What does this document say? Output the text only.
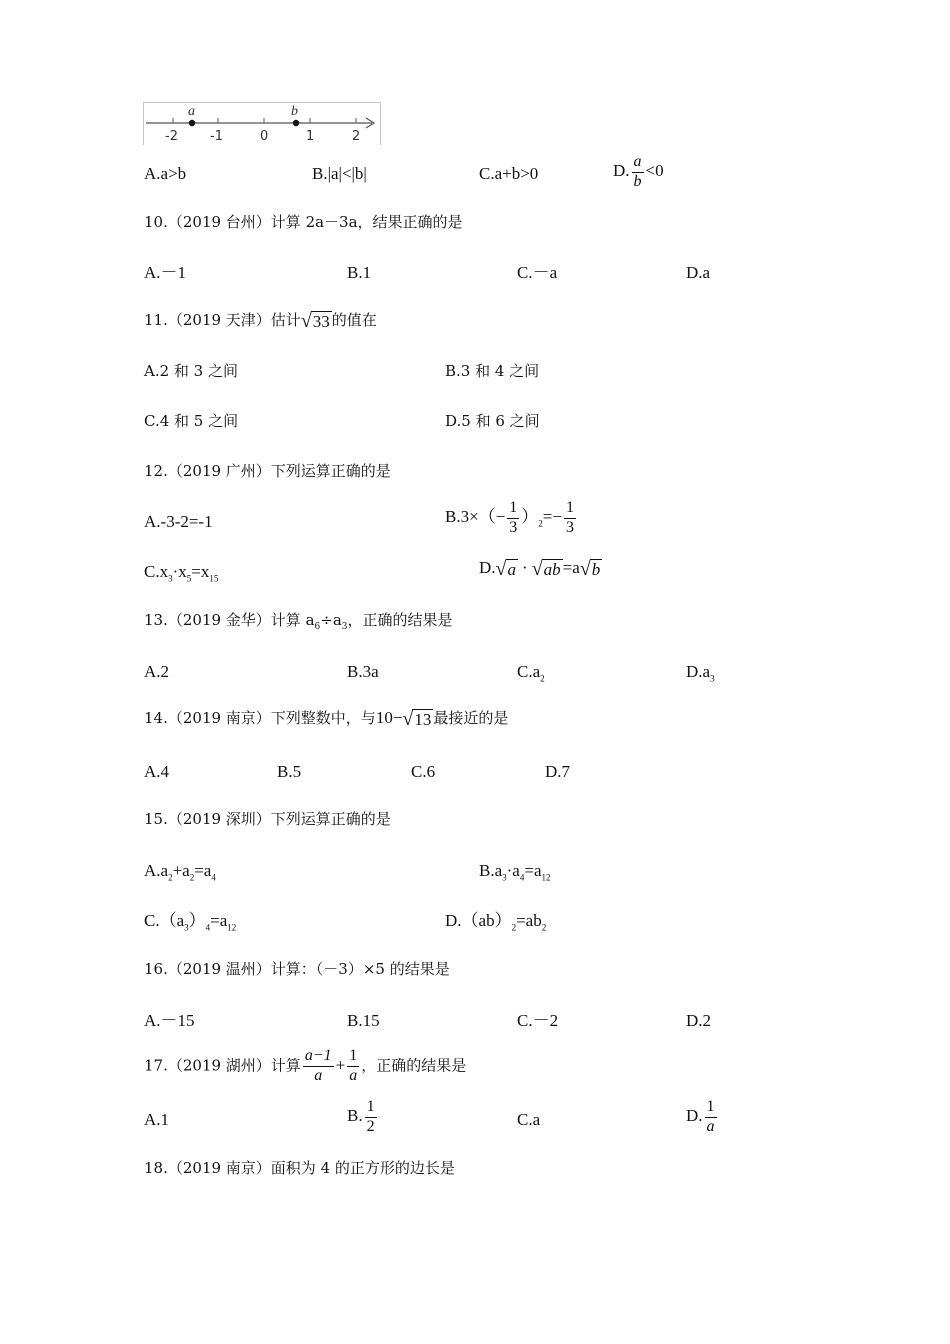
a	b
-2 -1	0	1	2
A.a>b	B.|a|<|b|	C.a+b>0	D. $\frac{a}{b} <0$
10.（2019 台州）计算 2a－3a，结果正确的是
A.－1	B.1	C.－a	D.a
11.（2019 天津）估计 √ 33 的值在
A.2 和 3 之间	B.3 和 4 之间
C.4 和 5 之间	D.5 和 6 之间
12.（2019 广州）下列运算正确的是
A.-3-2=-1	$B.3\times(- \frac{1}{3} )_2=- \frac{1}{3}$
$C.x_3\cdot x_5=x_{15}$
D. √ a · √ ab =a √ b
13.（2019 金华）计算 $a_6\div a_3$，正确的结果是
A.2	B.3a	$C.a_2$	$D.a_3$
14.（2019 南京）下列整数中，与10− √ 13 最接近的是
A.4	B.5	C.6	D.7
15.（2019 深圳）下列运算正确的是
$A.a_2+a_2=a_4$	$B.a_3\cdot a_4=a_{12}$
$C.(a_3)_4=a_{12}$	$D.(ab)_2=ab_2$
16.（2019 温州）计算：（－3）×5 的结果是
A.－15	B.15	C.－2	D.2
17.（2019 湖州）计算 $\frac{a-1}{a} + \frac{1}{a}$ ，正确的结果是
A.1	B. $\frac{1}{2}$	C.a	D. $\frac{1}{a}$
18.（2019 南京）面积为 4 的正方形的边长是
